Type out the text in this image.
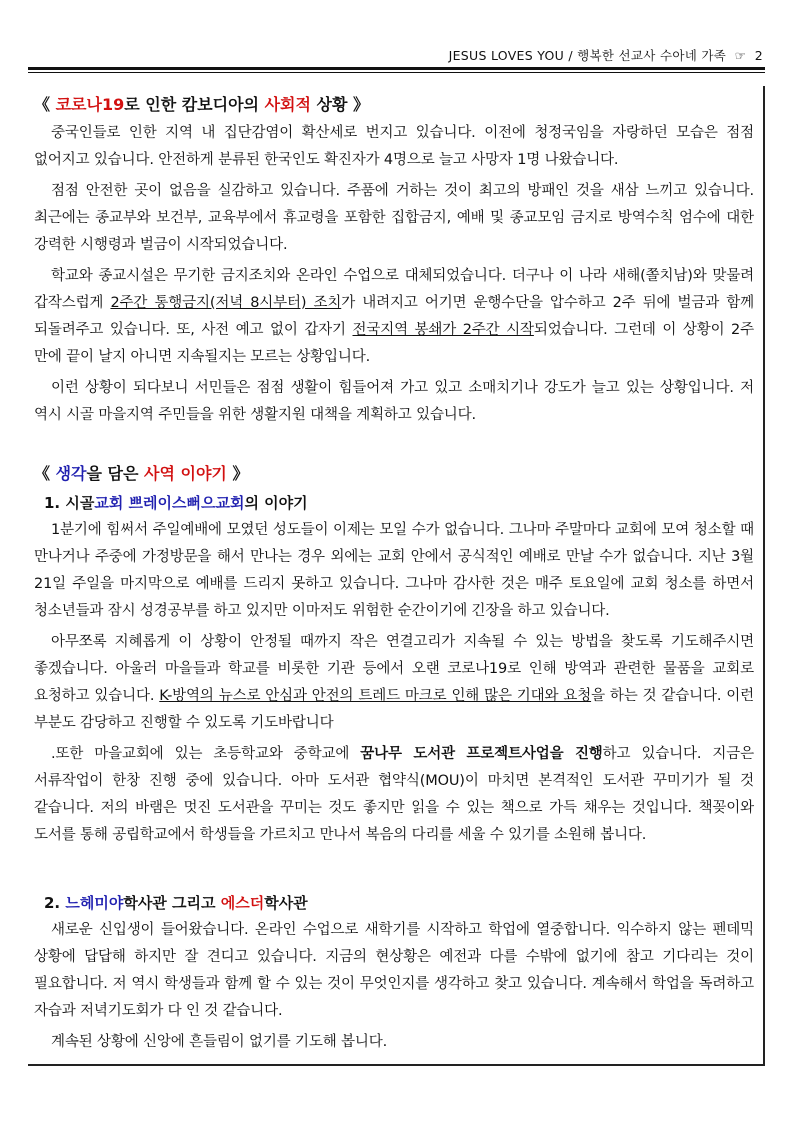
JESUS LOVES YOU / 행복한 선교사 수아네 가족  ☞  2
《 코로나19로 인한 캄보디아의 사회적 상황 》

중국인들로 인한 지역 내 집단감염이 확산세로 번지고 있습니다. 이전에 청정국임을 자랑하던 모습은 점점 없어지고 있습니다. 안전하게 분류된 한국인도 확진자가 4명으로 늘고 사망자 1명 나왔습니다.

점점 안전한 곳이 없음을 실감하고 있습니다. 주품에 거하는 것이 최고의 방패인 것을 새삼 느끼고 있습니다. 최근에는 종교부와 보건부, 교육부에서 휴교령을 포함한 집합금지, 예배 및 종교모임 금지로 방역수칙 엄수에 대한 강력한 시행령과 벌금이 시작되었습니다.

학교와 종교시설은 무기한 금지조치와 온라인 수업으로 대체되었습니다. 더구나 이 나라 새해(쫄치남)와 맞물려 갑작스럽게 2주간 통행금지(저녁 8시부터) 조치가 내려지고 어기면 운행수단을 압수하고 2주 뒤에 벌금과 함께 되돌려주고 있습니다. 또, 사전 예고 없이 갑자기 전국지역 봉쇄가 2주간 시작되었습니다. 그런데 이 상황이 2주 만에 끝이 날지 아니면 지속될지는 모르는 상황입니다.

이런 상황이 되다보니 서민들은 점점 생활이 힘들어져 가고 있고 소매치기나 강도가 늘고 있는 상황입니다. 저 역시 시골 마을지역 주민들을 위한 생활지원 대책을 계획하고 있습니다.

《 생각을 담은 사역 이야기 》
1. 시골교회 쁘레이스뻐으교회의 이야기

1분기에 힘써서 주일예배에 모였던 성도들이 이제는 모일 수가 없습니다. 그나마 주말마다 교회에 모여 청소할 때 만나거나 주중에 가정방문을 해서 만나는 경우 외에는 교회 안에서 공식적인 예배로 만날 수가 없습니다. 지난 3월 21일 주일을 마지막으로 예배를 드리지 못하고 있습니다. 그나마 감사한 것은 매주 토요일에 교회 청소를 하면서 청소년들과 잠시 성경공부를 하고 있지만 이마저도 위험한 순간이기에 긴장을 하고 있습니다.

아무쪼록 지혜롭게 이 상황이 안정될 때까지 작은 연결고리가 지속될 수 있는 방법을 찾도록 기도해주시면 좋겠습니다. 아울러 마을들과 학교를 비롯한 기관 등에서 오랜 코로나19로 인해 방역과 관련한 물품을 교회로 요청하고 있습니다. K-방역의 뉴스로 안심과 안전의 트레드 마크로 인해 많은 기대와 요청을 하는 것 같습니다. 이런 부분도 감당하고 진행할 수 있도록 기도바랍니다

.또한 마을교회에 있는 초등학교와 중학교에 꿈나무 도서관 프로젝트사업을 진행하고 있습니다. 지금은 서류작업이 한창 진행 중에 있습니다. 아마 도서관 협약식(MOU)이 마치면 본격적인 도서관 꾸미기가 될 것 같습니다. 저의 바램은 멋진 도서관을 꾸미는 것도 좋지만 읽을 수 있는 책으로 가득 채우는 것입니다. 책꽂이와 도서를 통해 공립학교에서 학생들을 가르치고 만나서 복음의 다리를 세울 수 있기를 소원해 봅니다.

2. 느헤미야학사관 그리고 에스더학사관

새로운 신입생이 들어왔습니다. 온라인 수업으로 새학기를 시작하고 학업에 열중합니다. 익수하지 않는 펜데믹 상황에 답답해 하지만 잘 견디고 있습니다. 지금의 현상황은 예전과 다를 수밖에 없기에 참고 기다리는 것이 필요합니다. 저 역시 학생들과 함께 할 수 있는 것이 무엇인지를 생각하고 찾고 있습니다. 계속해서 학업을 독려하고 자습과 저녁기도회가 다 인 것 같습니다.

계속된 상황에 신앙에 흔들림이 없기를 기도해 봅니다.
